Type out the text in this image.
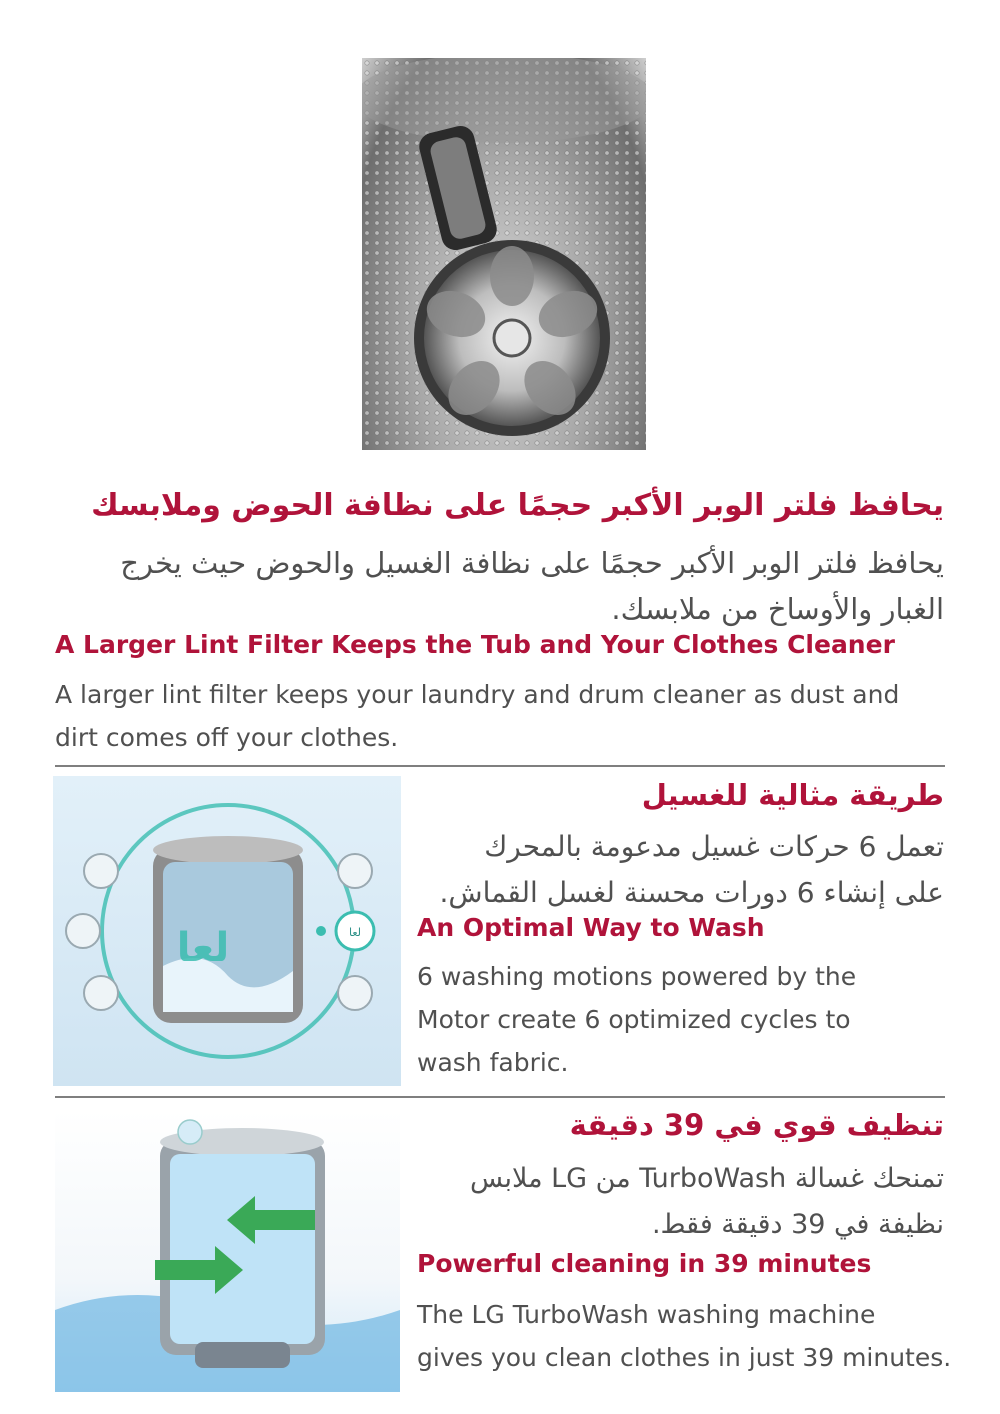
يحافظ فلتر الوبر الأكبر حجمًا على نظافة الحوض وملابسك
يحافظ فلتر الوبر الأكبر حجمًا على نظافة الغسيل والحوض حيث يخرج
الغبار والأوساخ من ملابسك.
A Larger Lint Filter Keeps the Tub and Your Clothes Cleaner
A larger lint filter keeps your laundry and drum cleaner as dust and
dirt comes off your clothes.
لعا
لعا
طريقة مثالية للغسيل
تعمل 6 حركات غسيل مدعومة بالمحرك
على إنشاء 6 دورات محسنة لغسل القماش.
An Optimal Way to Wash
6 washing motions powered by the
Motor create 6 optimized cycles to
wash fabric.
تنظيف قوي في 39 دقيقة
تمنحك غسالة TurboWash من LG ملابس
نظيفة في 39 دقيقة فقط.
Powerful cleaning in 39 minutes
The LG TurboWash washing machine
gives you clean clothes in just 39 minutes.
